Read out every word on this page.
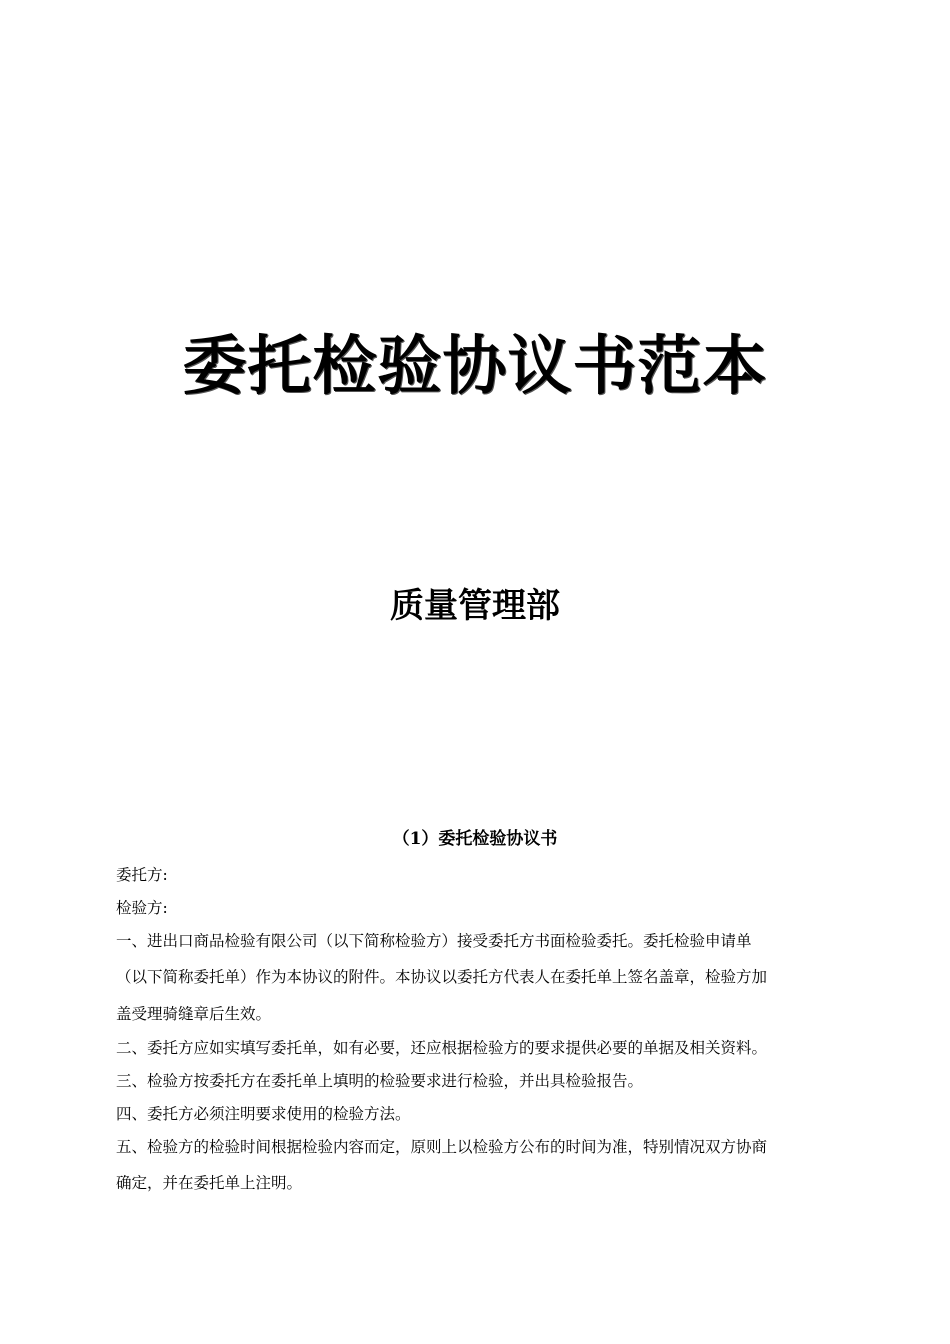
委托检验协议书范本
质量管理部
（1）委托检验协议书
委托方:
检验方:
一、进出口商品检验有限公司（以下简称检验方）接受委托方书面检验委托。委托检验申请单
（以下简称委托单）作为本协议的附件。本协议以委托方代表人在委托单上签名盖章，检验方加
盖受理骑缝章后生效。
二、委托方应如实填写委托单，如有必要，还应根据检验方的要求提供必要的单据及相关资料。
三、检验方按委托方在委托单上填明的检验要求进行检验，并出具检验报告。
四、委托方必须注明要求使用的检验方法。
五、检验方的检验时间根据检验内容而定，原则上以检验方公布的时间为准，特别情况双方协商
确定，并在委托单上注明。
